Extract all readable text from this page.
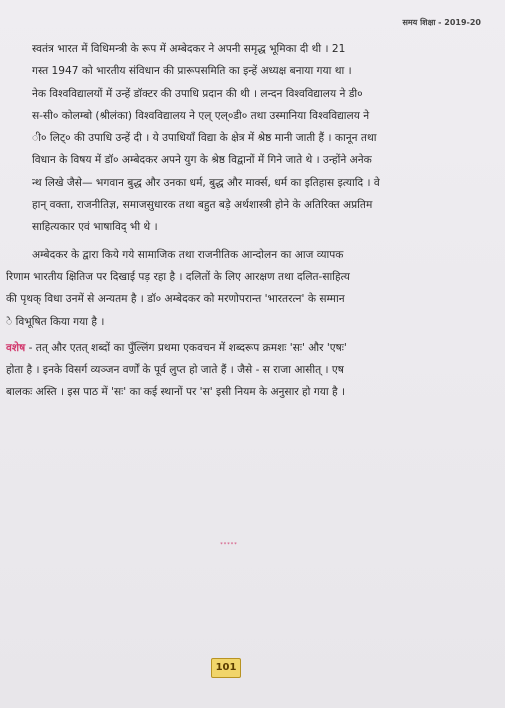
समय शिक्षा - 2019-20
स्वतंत्र भारत में विधिमन्त्री के रूप में अम्बेदकर ने अपनी समृद्ध भूमिका दी थी । 21
गस्त 1947 को भारतीय संविधान की प्रारूपसमिति का इन्हें अध्यक्ष बनाया गया था ।
नेक विश्वविद्यालयों में उन्हें डॉक्टर की उपाधि प्रदान की थी । लन्दन विश्वविद्यालय ने डी०
स-सी० कोलम्बो (श्रीलंका) विश्वविद्यालय ने एल् एल्०डी० तथा उस्मानिया विश्वविद्यालय ने
ी० लिट्० की उपाधि उन्हें दी । ये उपाधियाँ विद्या के क्षेत्र में श्रेष्ठ मानी जाती हैं । कानून तथा
विधान के विषय में डॉ० अम्बेदकर अपने युग के श्रेष्ठ विद्वानों में गिने जाते थे । उन्होंने अनेक
न्थ लिखे जैसे— भगवान बुद्ध और उनका धर्म, बुद्ध और मार्क्स, धर्म का इतिहास इत्यादि । वे
हान् वक्ता, राजनीतिज्ञ, समाजसुधारक तथा बहुत बड़े अर्थशास्त्री होने के अतिरिक्त अप्रतिम
साहित्यकार एवं भाषाविद् भी थे ।
अम्बेदकर के द्वारा किये गये सामाजिक तथा राजनीतिक आन्दोलन का आज व्यापक
रिणाम भारतीय क्षितिज पर दिखाई पड़ रहा है । दलितों के लिए आरक्षण तथा दलित-साहित्य
की पृथक् विधा उनमें से अन्यतम है । डॉ० अम्बेदकर को मरणोपरान्त 'भारतरत्न' के सम्मान
े विभूषित किया गया है ।
वशेष - तत् और एतत् शब्दों का पुँल्लिंग प्रथमा एकवचन में शब्दरूप क्रमशः 'सः' और 'एषः'
होता है । इनके विसर्ग व्यञ्जन वर्णों के पूर्व लुप्त हो जाते हैं । जैसे - स राजा आसीत् । एष
बालकः अस्ति । इस पाठ में 'सः' का कई स्थानों पर 'स' इसी नियम के अनुसार हो गया है ।
*****
101
